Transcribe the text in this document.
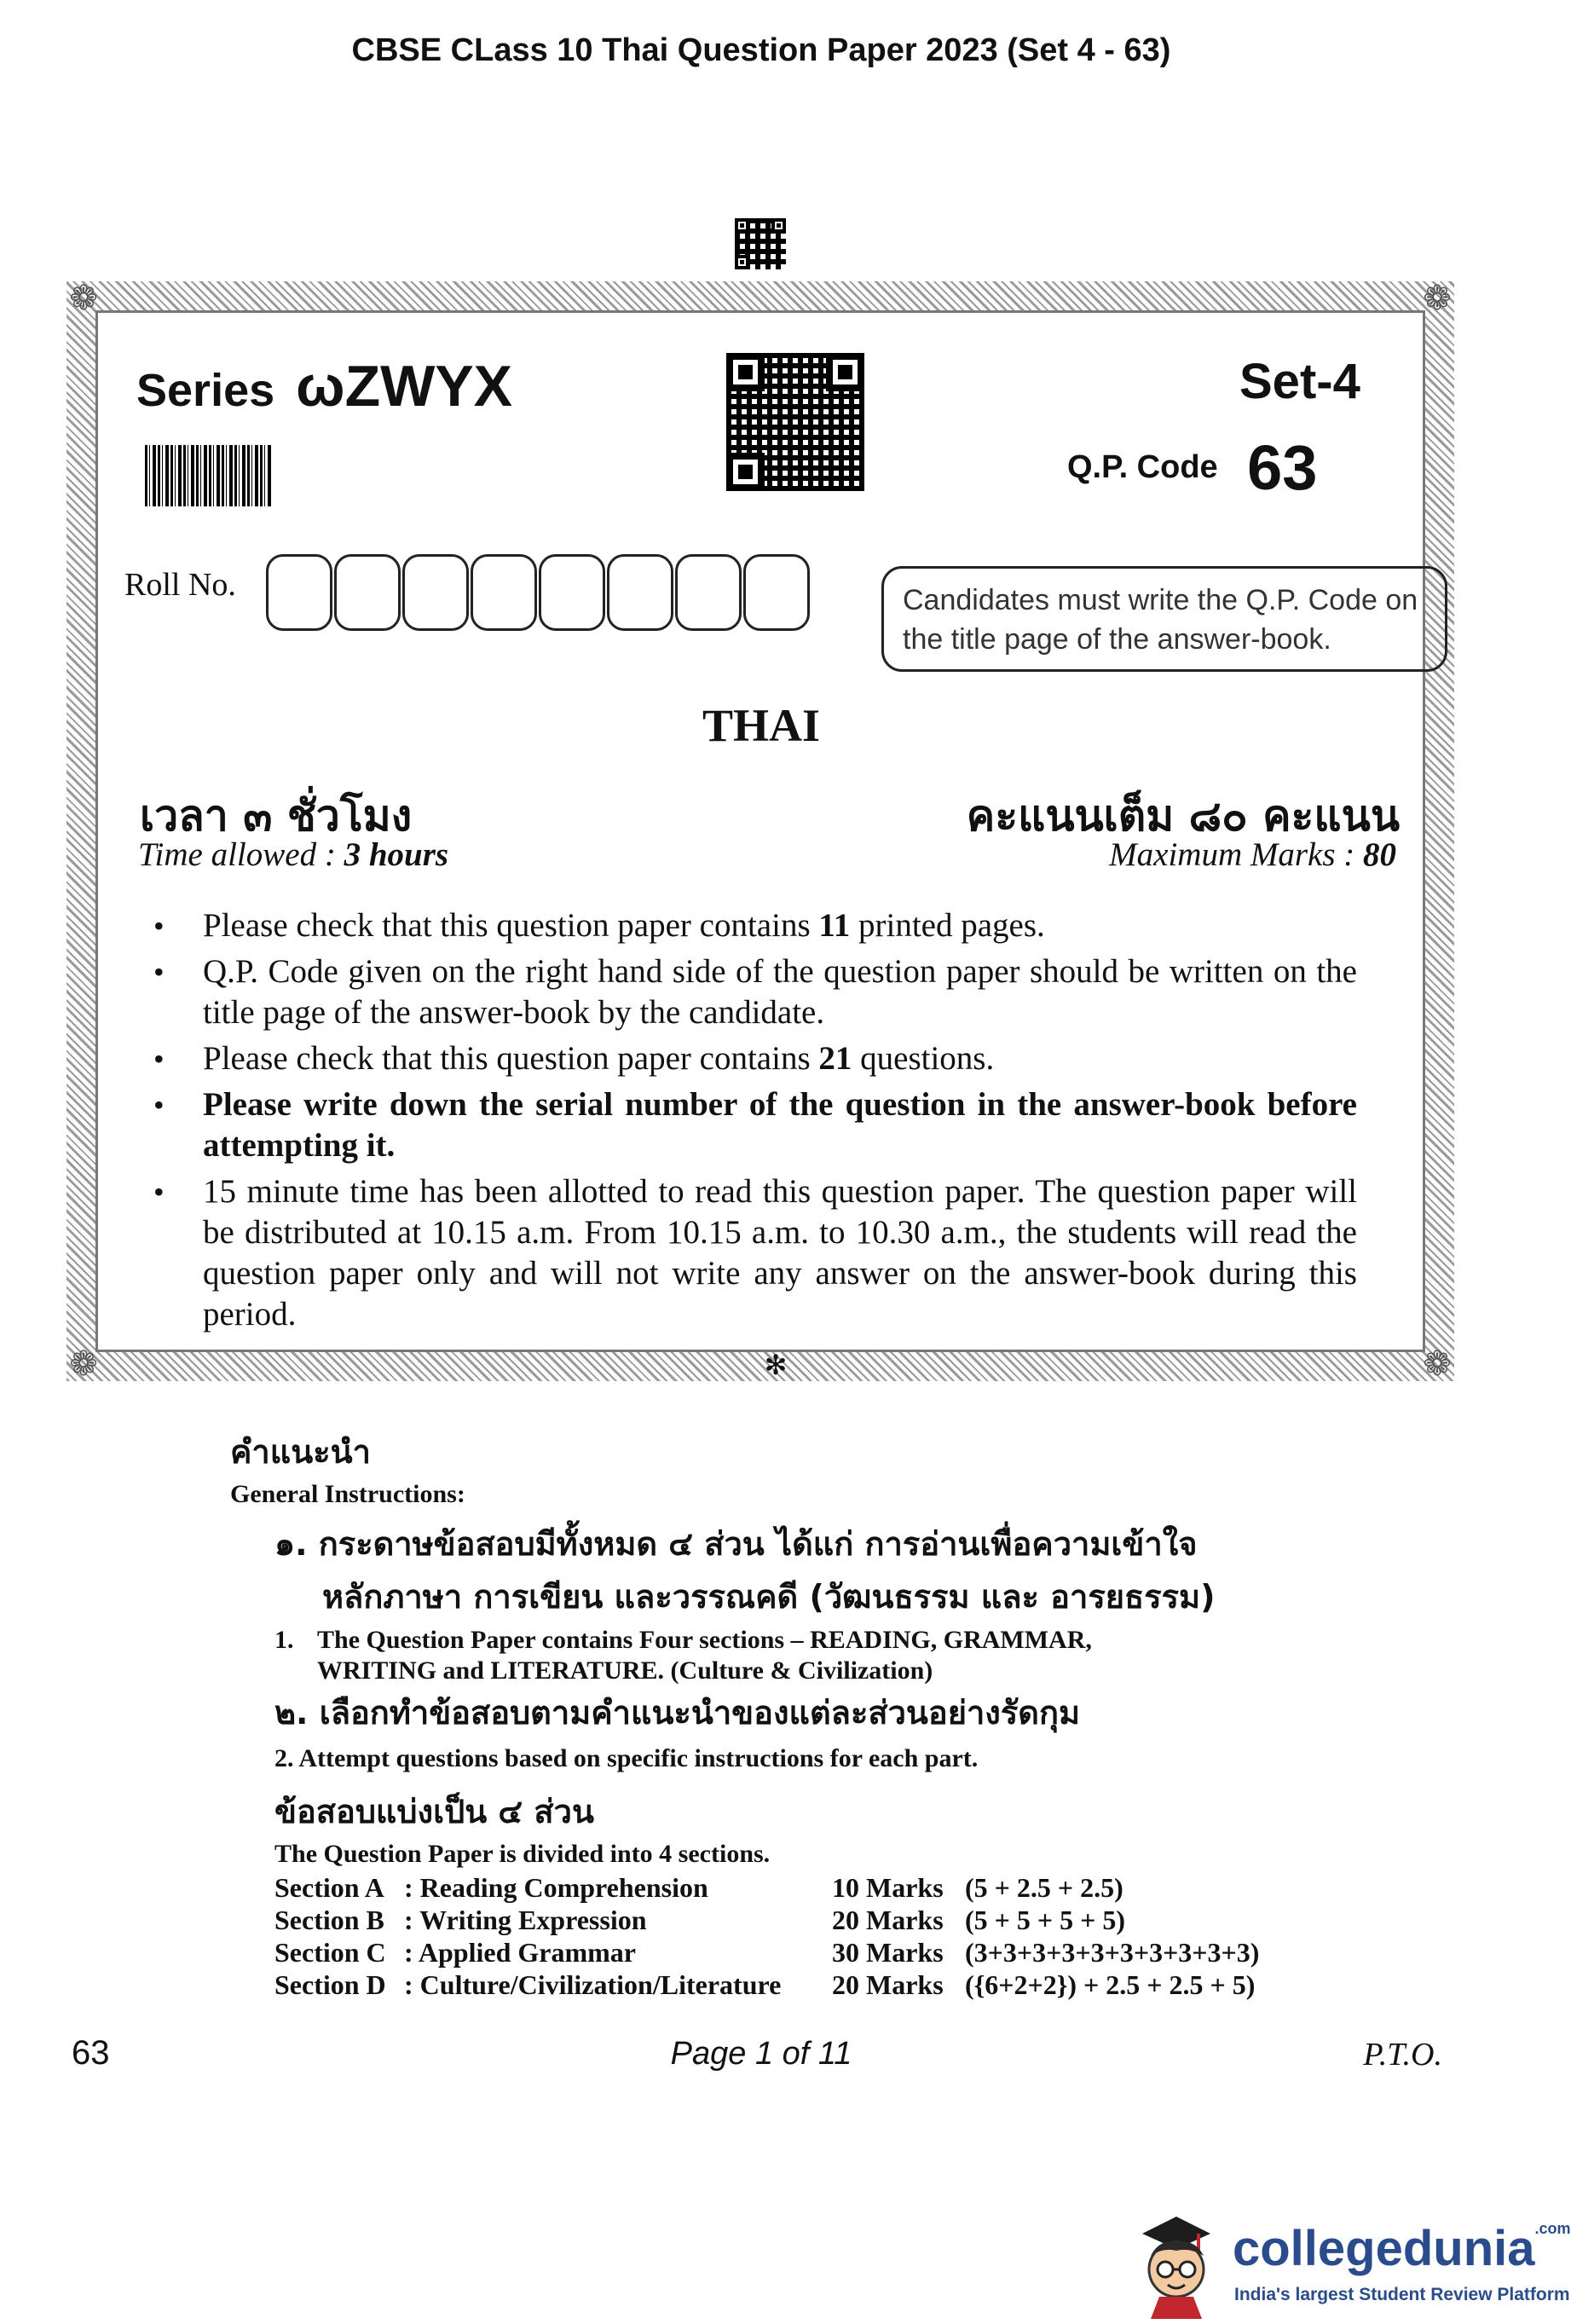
CBSE CLass 10 Thai Question Paper 2023 (Set 4 - 63)
❁	❁
❁	❁
Series ωZWYX	Set-4
Q.P. Code 63
Roll No.	Candidates must write the Q.P. Code on the title page of the answer-book.
THAI
เวลา ๓ ชั่วโมง
Time allowed : 3 hours
คะแนนเต็ม ๘๐ คะแนน
Maximum Marks : 80
• Please check that this question paper contains 11 printed pages.
• Q.P. Code given on the right hand side of the question paper should be written on the title page of the answer-book by the candidate.
• Please check that this question paper contains 21 questions.
• Please write down the serial number of the question in the answer-book before attempting it.
• 15 minute time has been allotted to read this question paper. The question paper will be distributed at 10.15 a.m. From 10.15 a.m. to 10.30 a.m., the students will read the question paper only and will not write any answer on the answer-book during this period.
✻
คำแนะนำ
General Instructions:
๑. กระดาษข้อสอบมีทั้งหมด ๔ ส่วน ได้แก่ การอ่านเพื่อความเข้าใจ
หลักภาษา การเขียน และวรรณคดี (วัฒนธรรม และ อารยธรรม)
1. The Question Paper contains Four sections – READING, GRAMMAR,
WRITING and LITERATURE. (Culture & Civilization)
๒. เลือกทำข้อสอบตามคำแนะนำของแต่ละส่วนอย่างรัดกุม
2. Attempt questions based on specific instructions for each part.
ข้อสอบแบ่งเป็น ๔ ส่วน
The Question Paper is divided into 4 sections.
Section A : Reading Comprehension	10 Marks (5 + 2.5 + 2.5)
Section B : Writing Expression	20 Marks (5 + 5 + 5 + 5)
Section C : Applied Grammar	30 Marks (3+3+3+3+3+3+3+3+3+3)
Section D : Culture/Civilization/Literature 20 Marks ({6+2+2}) + 2.5 + 2.5 + 5)
63	Page 1 of 11	P.T.O.
collegedunia$^{.com}$
India's largest Student Review Platform
